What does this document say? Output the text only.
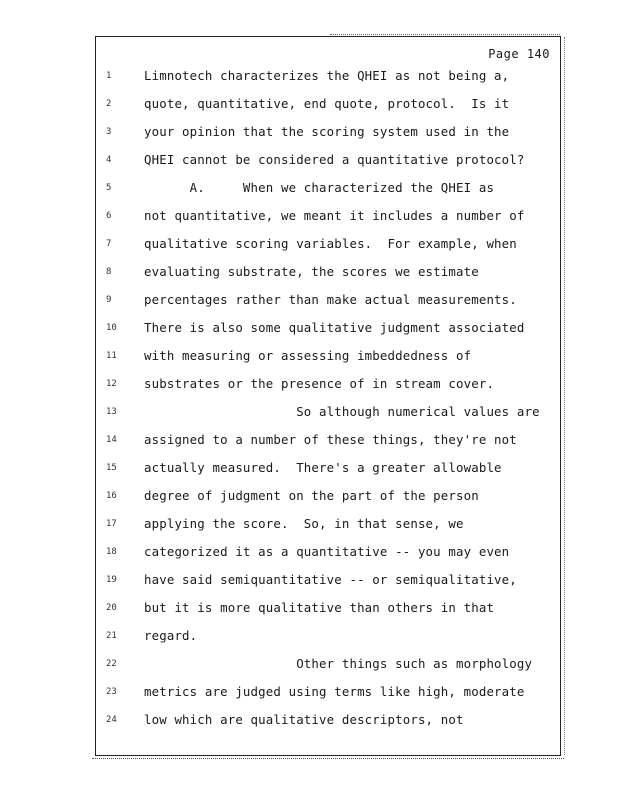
Page 140
1	Limnotech characterizes the QHEI as not being a,
2	quote, quantitative, end quote, protocol.  Is it
3	your opinion that the scoring system used in the
4	QHEI cannot be considered a quantitative protocol?
5	A.     When we characterized the QHEI as
6	not quantitative, we meant it includes a number of
7	qualitative scoring variables.  For example, when
8	evaluating substrate, the scores we estimate
9	percentages rather than make actual measurements.
10	There is also some qualitative judgment associated
11	with measuring or assessing imbeddedness of
12	substrates or the presence of in stream cover.
13	So although numerical values are
14	assigned to a number of these things, they're not
15	actually measured.  There's a greater allowable
16	degree of judgment on the part of the person
17	applying the score.  So, in that sense, we
18	categorized it as a quantitative -- you may even
19	have said semiquantitative -- or semiqualitative,
20	but it is more qualitative than others in that
21	regard.
22	Other things such as morphology
23	metrics are judged using terms like high, moderate
24	low which are qualitative descriptors, not
